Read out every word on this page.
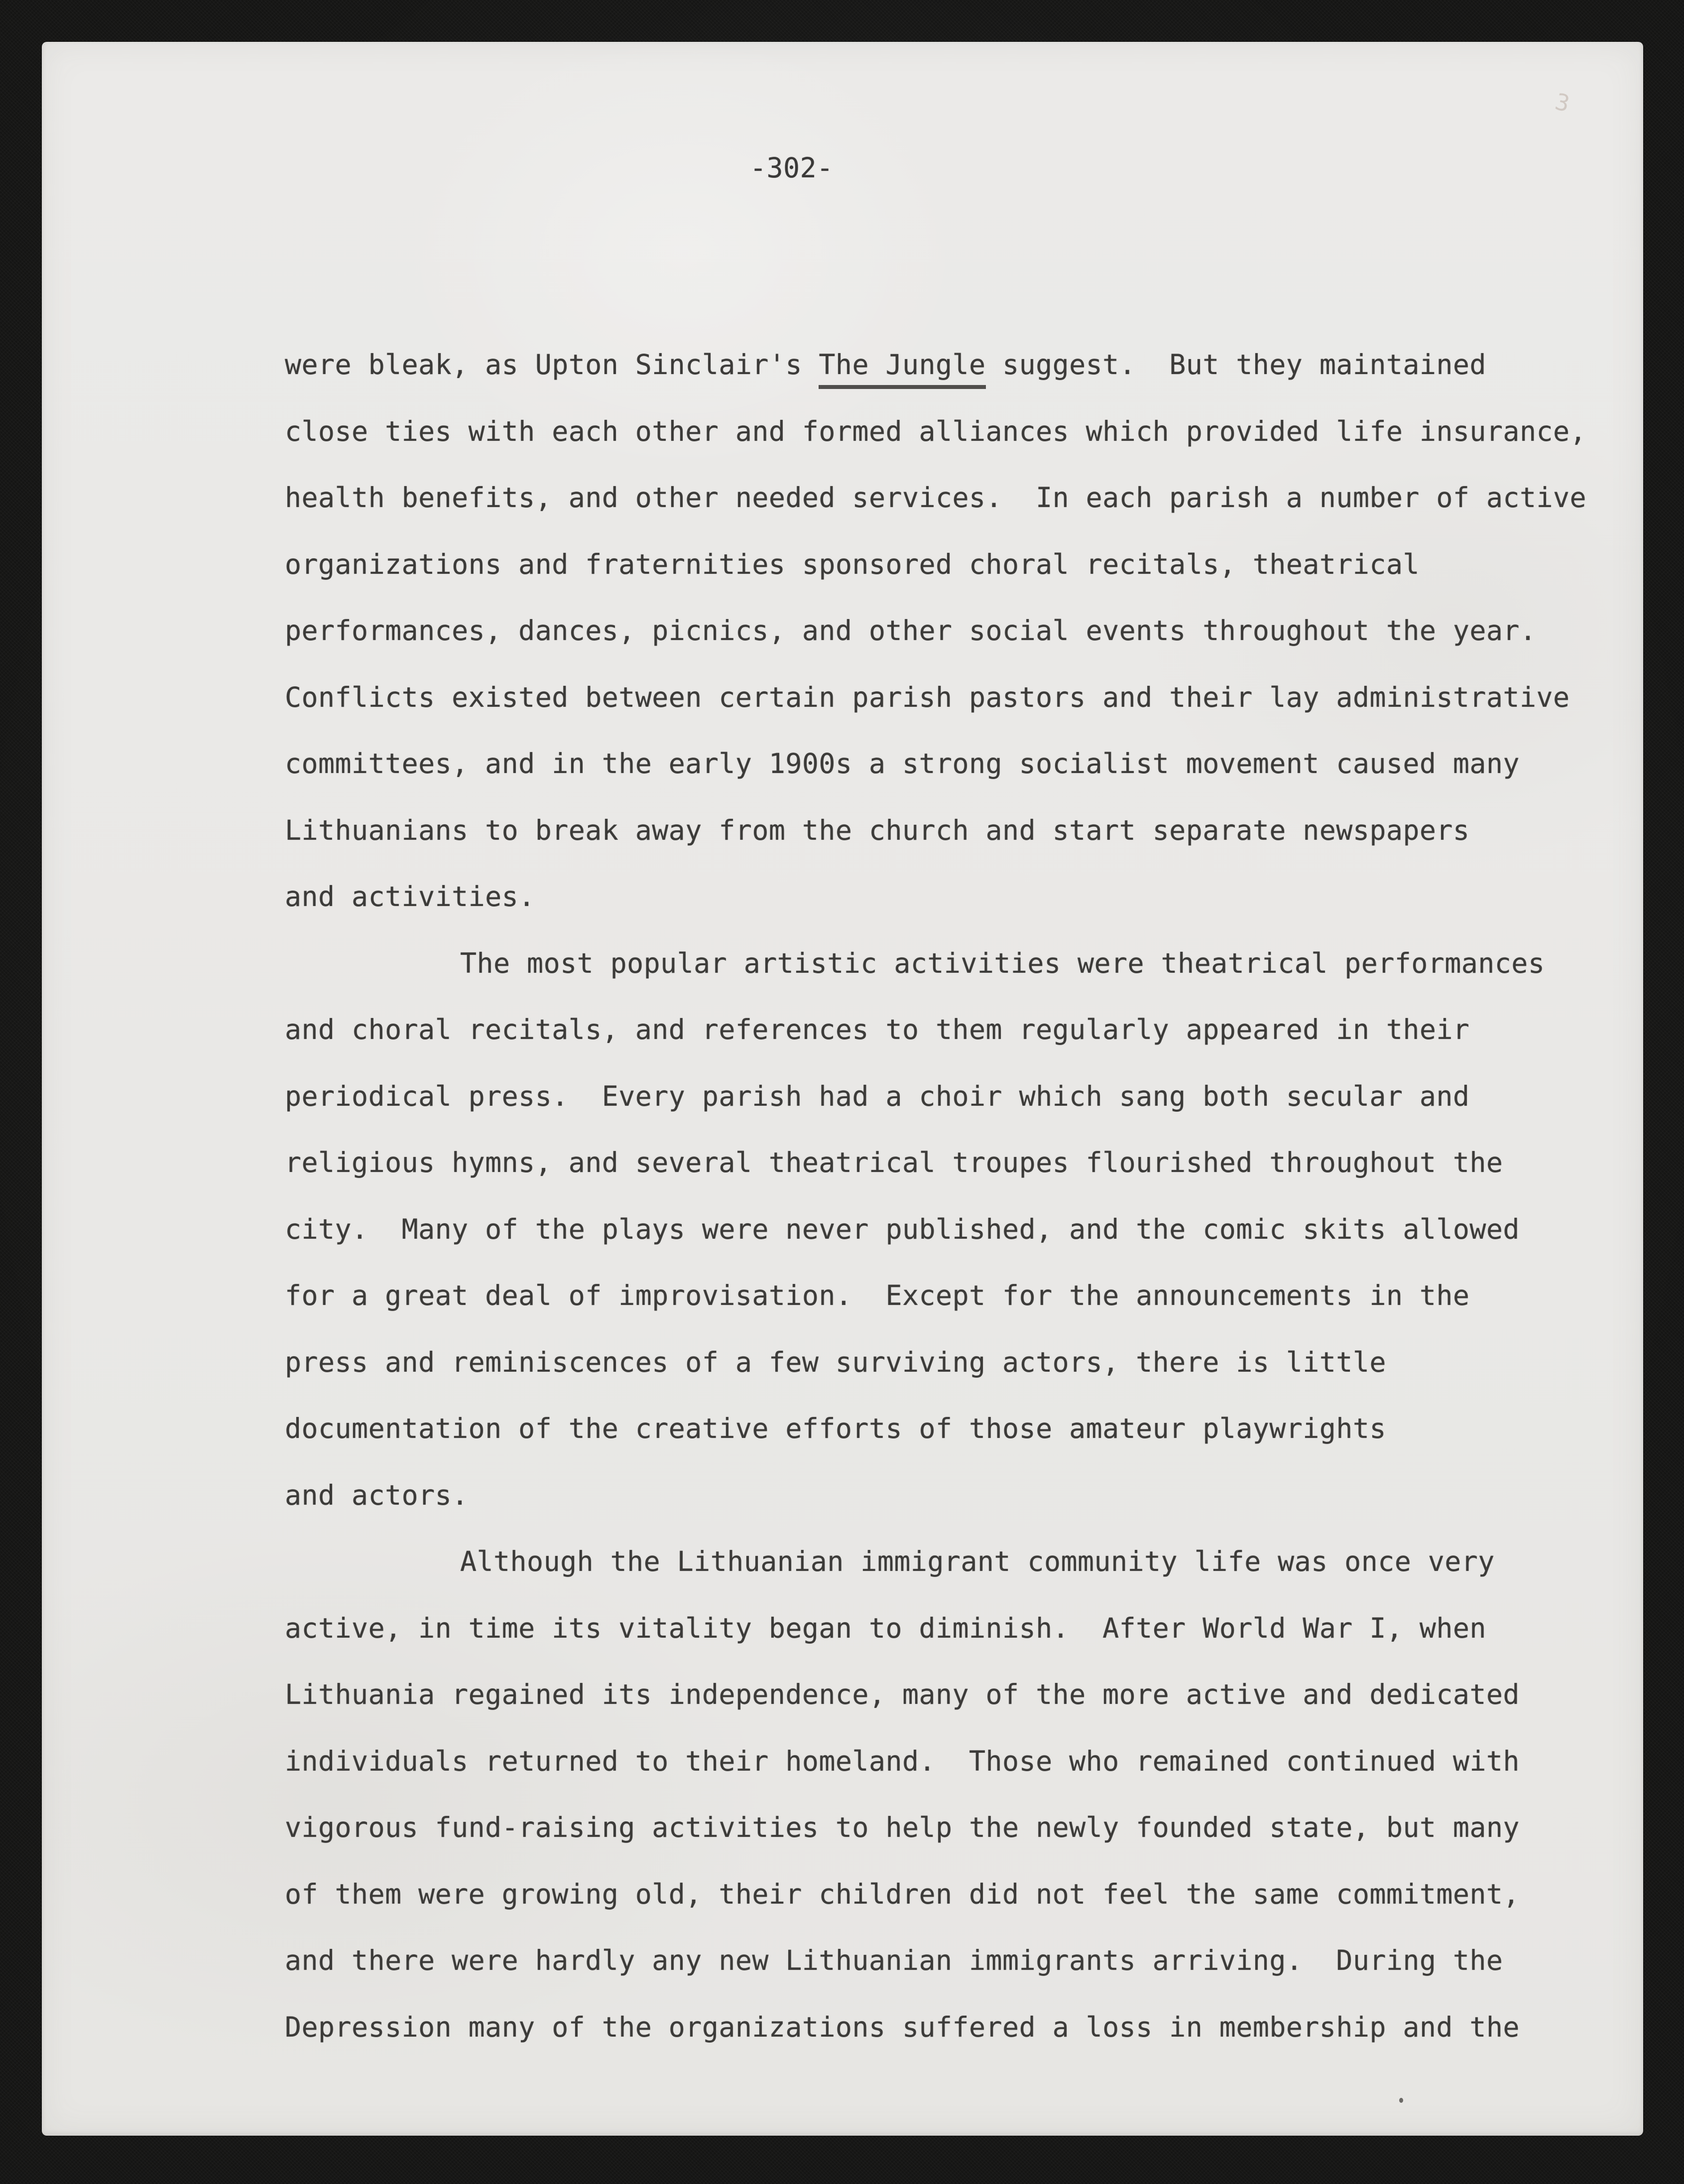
-302-
3
were bleak, as Upton Sinclair's The Jungle suggest.  But they maintained
close ties with each other and formed alliances which provided life insurance,
health benefits, and other needed services.  In each parish a number of active
organizations and fraternities sponsored choral recitals, theatrical
performances, dances, picnics, and other social events throughout the year.
Conflicts existed between certain parish pastors and their lay administrative
committees, and in the early 1900s a strong socialist movement caused many
Lithuanians to break away from the church and start separate newspapers
and activities.
The most popular artistic activities were theatrical performances
and choral recitals, and references to them regularly appeared in their
periodical press.  Every parish had a choir which sang both secular and
religious hymns, and several theatrical troupes flourished throughout the
city.  Many of the plays were never published, and the comic skits allowed
for a great deal of improvisation.  Except for the announcements in the
press and reminiscences of a few surviving actors, there is little
documentation of the creative efforts of those amateur playwrights
and actors.
Although the Lithuanian immigrant community life was once very
active, in time its vitality began to diminish.  After World War I, when
Lithuania regained its independence, many of the more active and dedicated
individuals returned to their homeland.  Those who remained continued with
vigorous fund-raising activities to help the newly founded state, but many
of them were growing old, their children did not feel the same commitment,
and there were hardly any new Lithuanian immigrants arriving.  During the
Depression many of the organizations suffered a loss in membership and the
